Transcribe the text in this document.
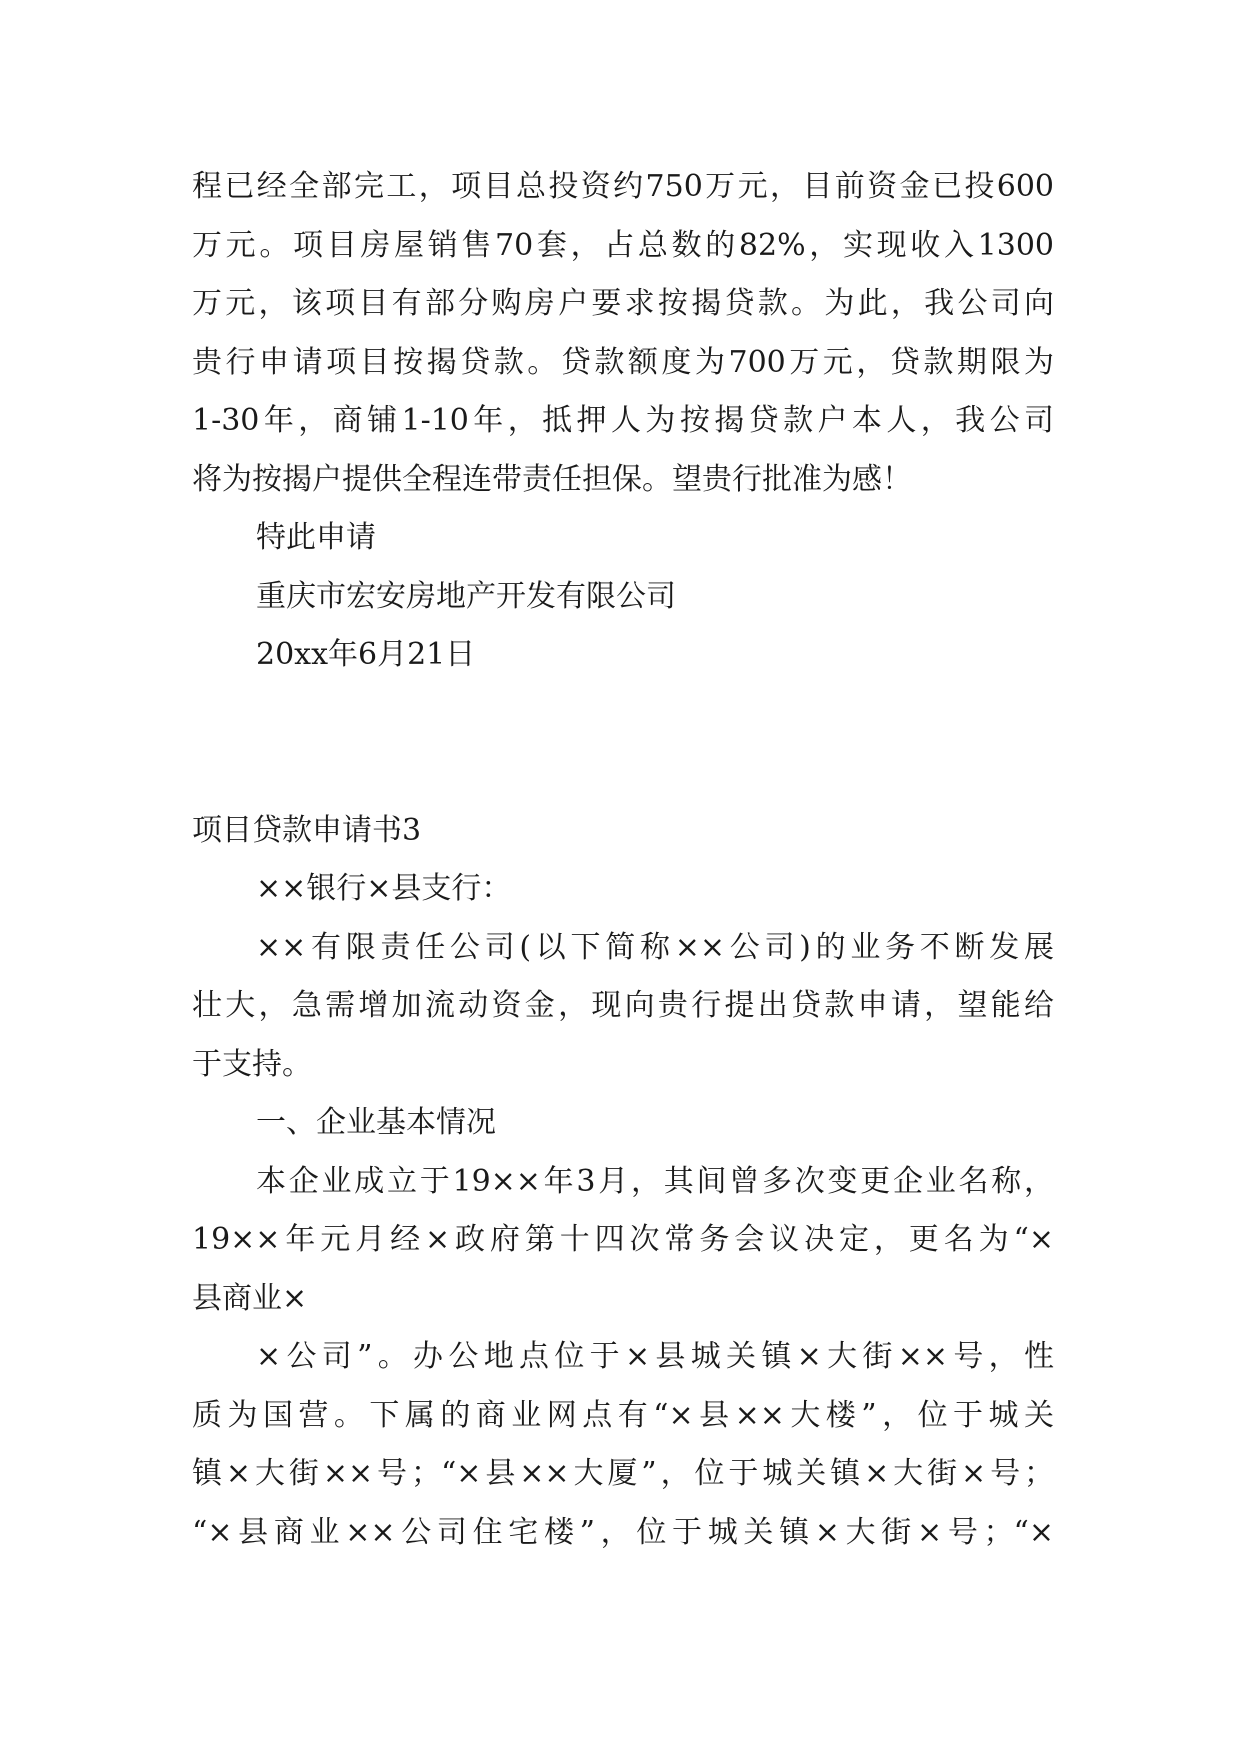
程已经全部完工，项目总投资约750万元，目前资金已投600
万元。项目房屋销售70套，占总数的82%，实现收入1300
万元，该项目有部分购房户要求按揭贷款。为此，我公司向
贵行申请项目按揭贷款。贷款额度为700万元，贷款期限为
1-30年，商铺1-10年，抵押人为按揭贷款户本人，我公司
将为按揭户提供全程连带责任担保。望贵行批准为感！
特此申请
重庆市宏安房地产开发有限公司
20xx年6月21日
项目贷款申请书3
××银行×县支行：
××有限责任公司(以下简称××公司)的业务不断发展
壮大，急需增加流动资金，现向贵行提出贷款申请，望能给
于支持。
一、企业基本情况
本企业成立于19××年3月，其间曾多次变更企业名称，
19××年元月经×政府第十四次常务会议决定，更名为“×
县商业×
×公司”。办公地点位于×县城关镇×大街××号，性
质为国营。下属的商业网点有“×县××大楼”，位于城关
镇×大街××号；“×县××大厦”，位于城关镇×大街×号；
“×县商业××公司住宅楼”，位于城关镇×大街×号；“×
